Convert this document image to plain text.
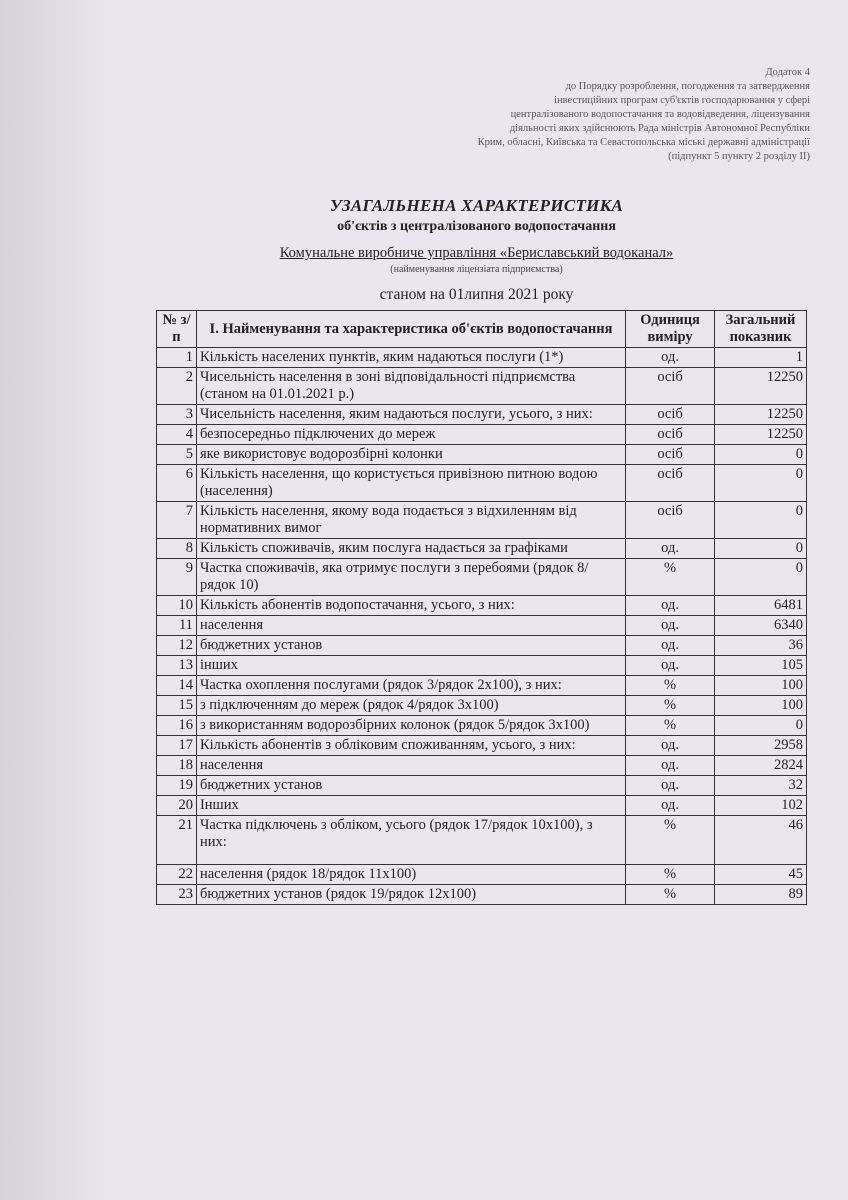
Додаток 4
до Порядку розроблення, погодження та затвердження
інвестиційних програм суб'єктів господарювання у сфері
централізованого водопостачання та водовідведення, ліцензування
діяльності яких здійснюють Рада міністрів Автономної Республіки
Крим, обласні, Київська та Севастопольська міські державні адміністрації
(підпункт 5 пункту 2 розділу II)
УЗАГАЛЬНЕНА ХАРАКТЕРИСТИКА
об'єктів з централізованого водопостачання
Комунальне виробниче управління «Бериславський водоканал»
(найменування ліцензіата підприємства)
станом на 01липня 2021 року
№ з/п	І. Найменування та характеристика об'єктів водопостачання	Одиниця виміру	Загальний показник
1	Кількість населених пунктів, яким надаються послуги (1*)	од.	1
2	Чисельність населення в зоні відповідальності підприємства (станом на 01.01.2021 р.)	осіб	12250
3	Чисельність населення, яким надаються послуги, усього, з них:	осіб	12250
4	безпосередньо підключених до мереж	осіб	12250
5	яке використовує водорозбірні колонки	осіб	0
6	Кількість населення, що користується привізною питною водою (населення)	осіб	0
7	Кількість населення, якому вода подається з відхиленням від нормативних вимог	осіб	0
8	Кількість споживачів, яким послуга надається за графіками	од.	0
9	Частка споживачів, яка отримує послуги з перебоями (рядок 8/рядок 10)	%	0
10	Кількість абонентів водопостачання, усього, з них:	од.	6481
11	населення	од.	6340
12	бюджетних установ	од.	36
13	інших	од.	105
14	Частка охоплення послугами (рядок 3/рядок 2х100), з них:	%	100
15	з підключенням до мереж (рядок 4/рядок 3х100)	%	100
16	з використанням водорозбірних колонок (рядок 5/рядок 3х100)	%	0
17	Кількість абонентів з обліковим споживанням, усього, з них:	од.	2958
18	населення	од.	2824
19	бюджетних установ	од.	32
20	Інших	од.	102
21	Частка підключень з обліком, усього (рядок 17/рядок 10х100), з них:	%	46
22	населення (рядок 18/рядок 11х100)	%	45
23	бюджетних установ (рядок 19/рядок 12х100)	%	89
